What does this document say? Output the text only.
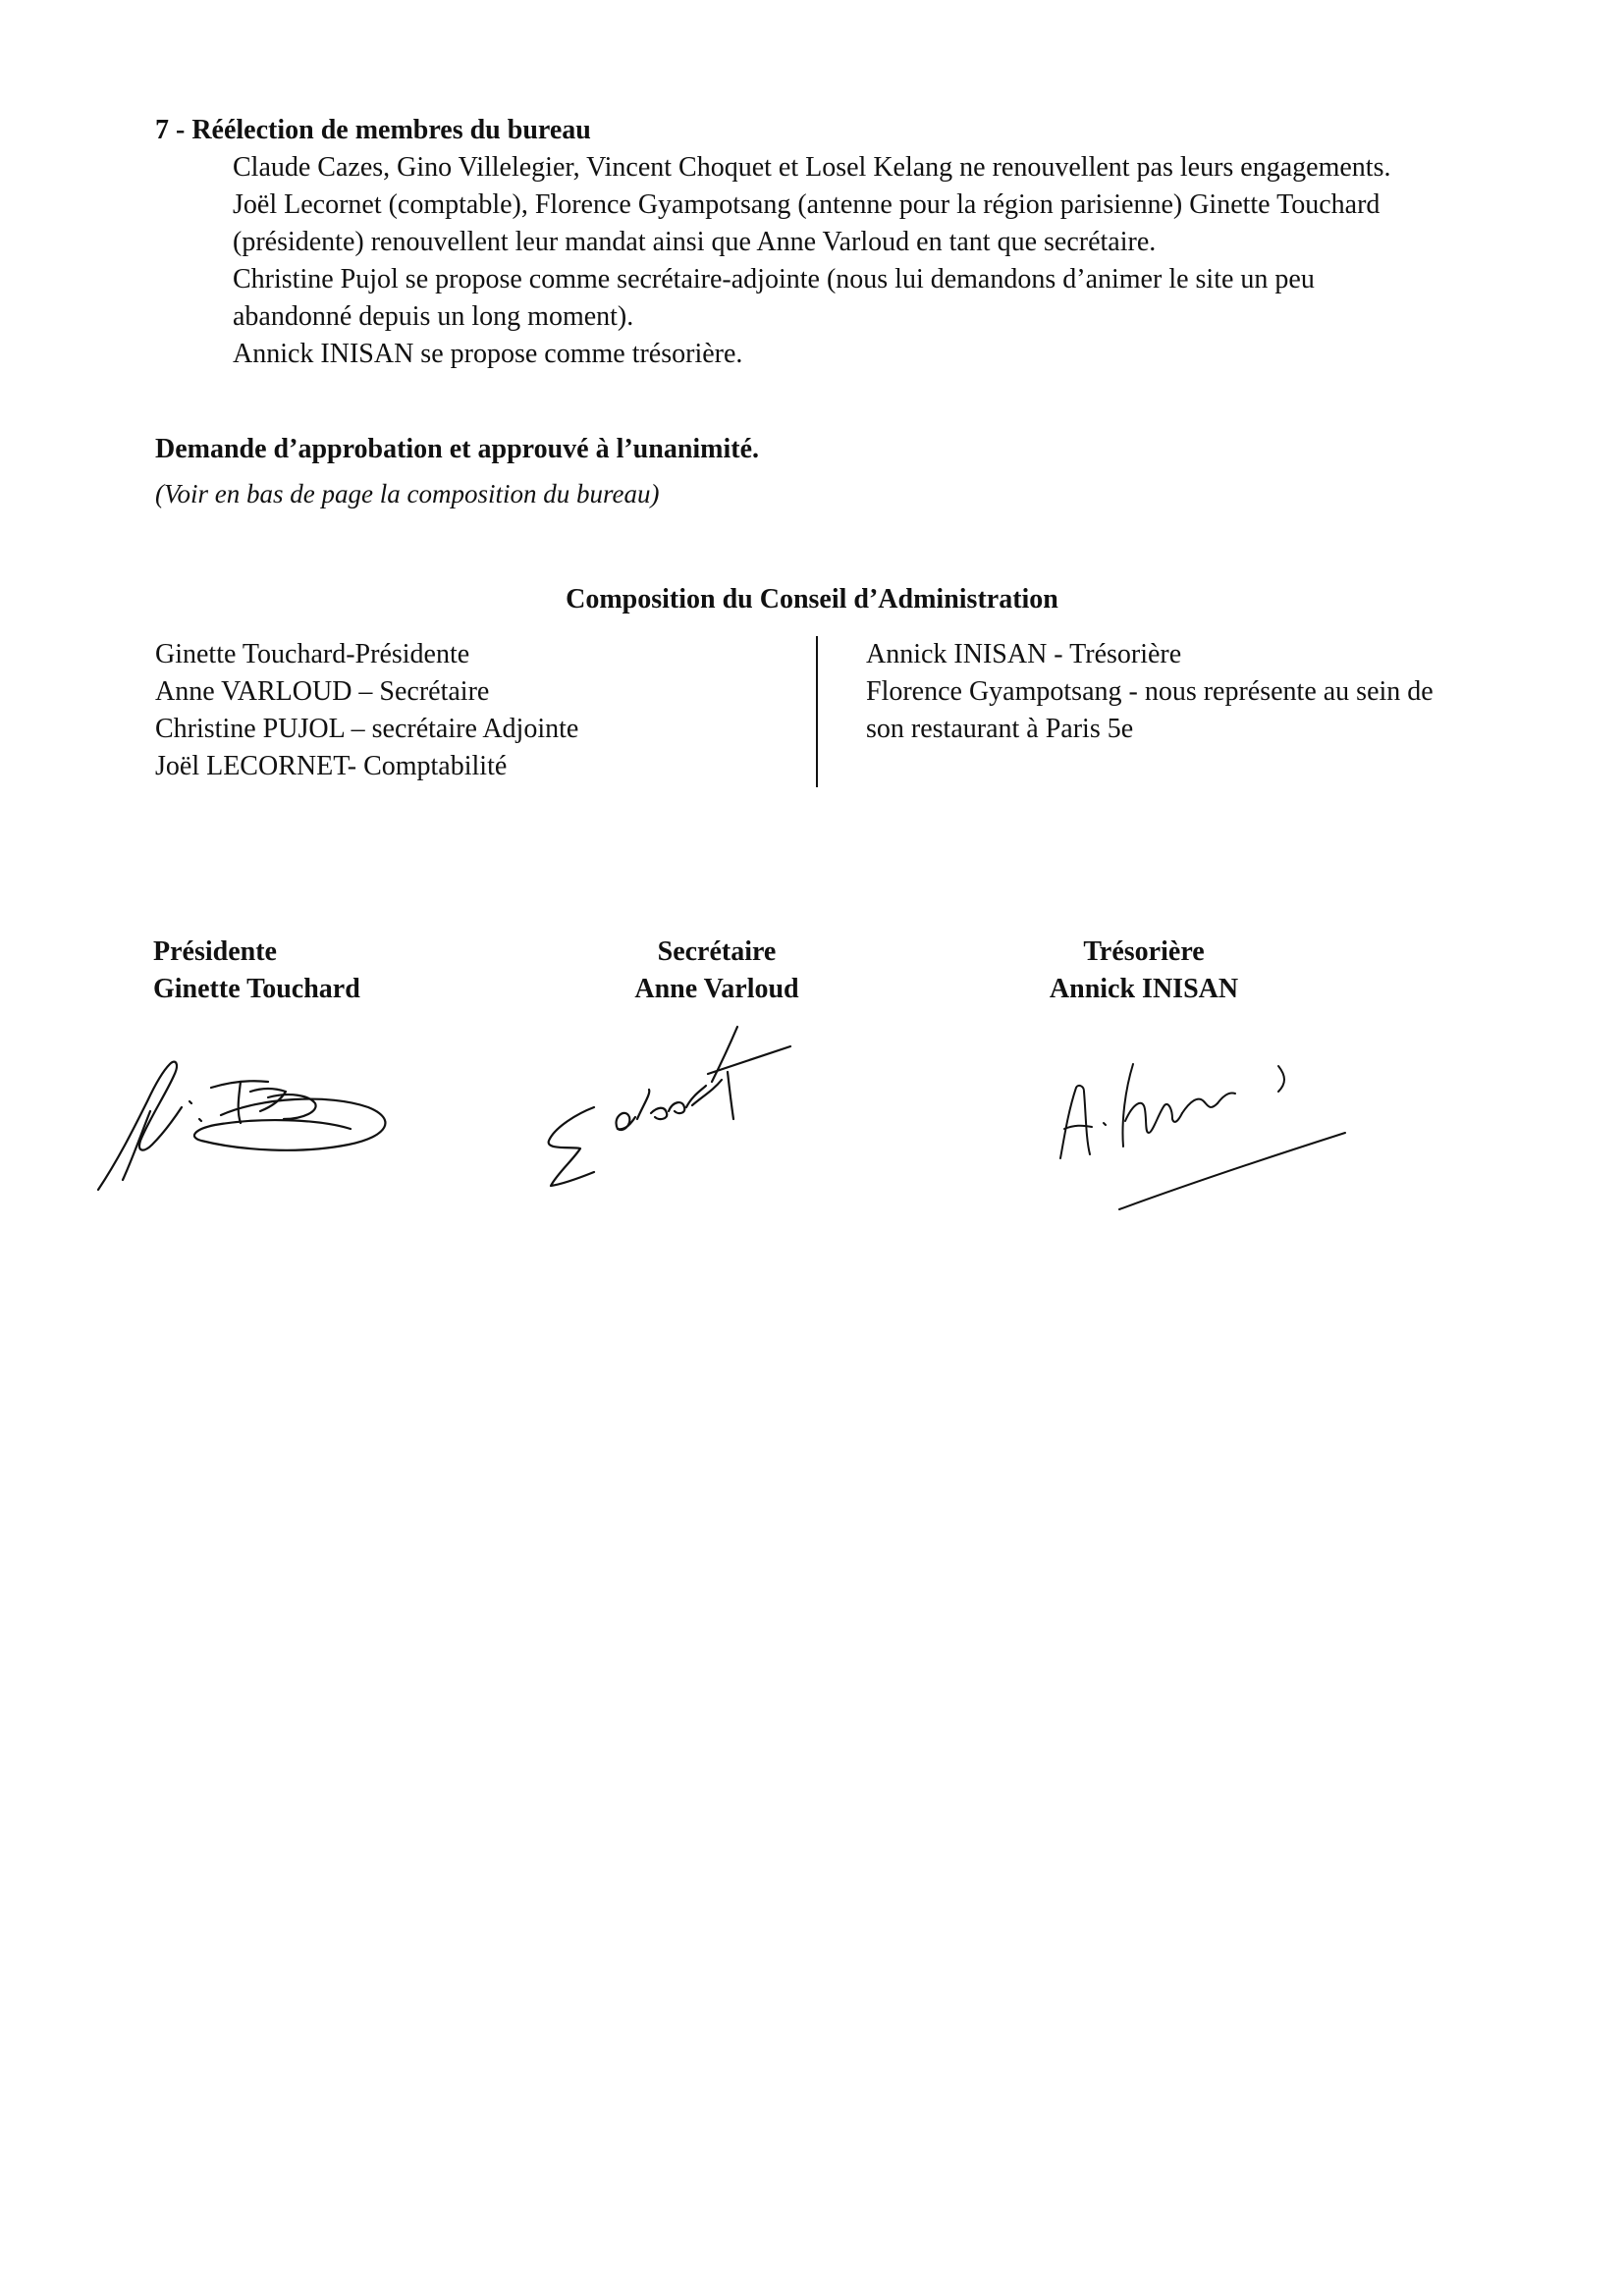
7 - Réélection de membres du bureau

Claude Cazes, Gino Villelegier, Vincent Choquet et Losel Kelang ne renouvellent pas leurs engagements.

Joël Lecornet (comptable), Florence Gyampotsang (antenne pour la région parisienne) Ginette Touchard (présidente) renouvellent leur mandat ainsi que Anne Varloud en tant que secrétaire.

Christine Pujol se propose comme secrétaire-adjointe (nous lui demandons d’animer le site un peu abandonné depuis un long moment).

Annick INISAN se propose comme trésorière.

Demande d’approbation et approuvé à l’unanimité.
(Voir en bas de page la composition du bureau)
Composition du Conseil d’Administration

Ginette Touchard-Présidente

Anne VARLOUD – Secrétaire

Christine PUJOL – secrétaire Adjointe

Joël LECORNET- Comptabilité

Annick INISAN - Trésorière

Florence Gyampotsang - nous représente au sein de son restaurant à Paris 5e

Présidente

Ginette Touchard

Secrétaire

Anne Varloud

Trésorière

Annick INISAN
